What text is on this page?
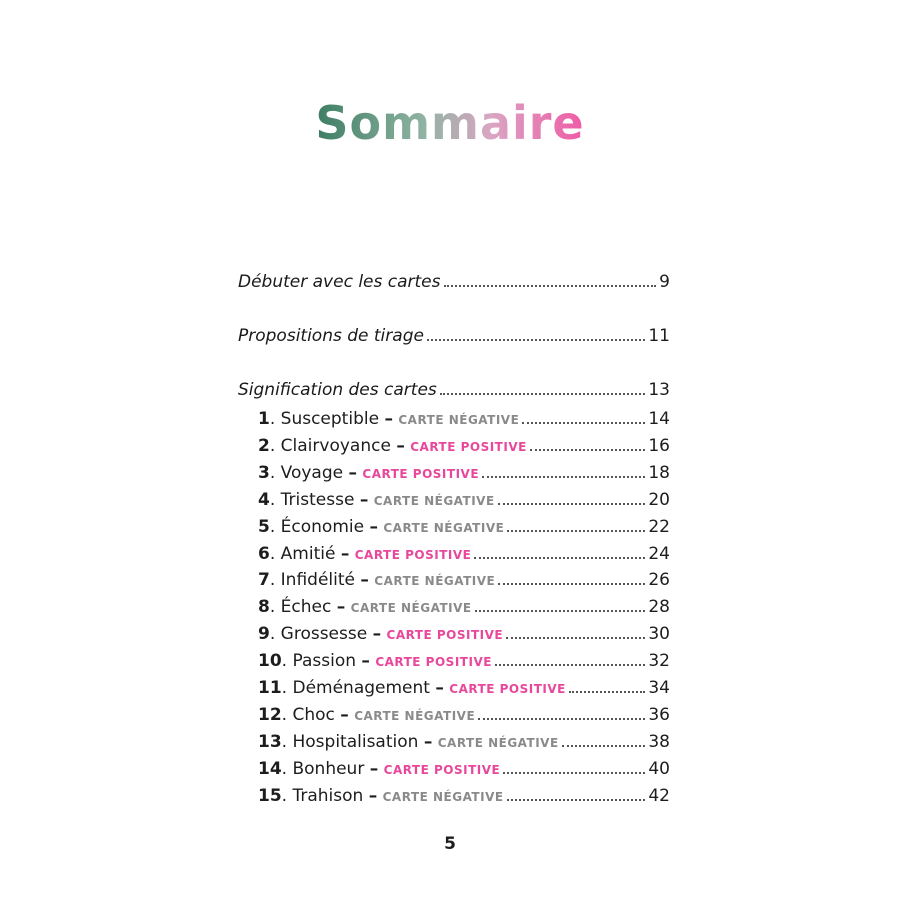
Sommaire
Débuter avec les cartes	9
Propositions de tirage	11
Signification des cartes	13
1. Susceptible – CARTE NÉGATIVE	14
2. Clairvoyance – CARTE POSITIVE	16
3. Voyage – CARTE POSITIVE	18
4. Tristesse – CARTE NÉGATIVE	20
5. Économie – CARTE NÉGATIVE	22
6. Amitié – CARTE POSITIVE	24
7. Infidélité – CARTE NÉGATIVE	26
8. Échec – CARTE NÉGATIVE	28
9. Grossesse – CARTE POSITIVE	30
10. Passion – CARTE POSITIVE	32
11. Déménagement – CARTE POSITIVE	34
12. Choc – CARTE NÉGATIVE	36
13. Hospitalisation – CARTE NÉGATIVE	38
14. Bonheur – CARTE POSITIVE	40
15. Trahison – CARTE NÉGATIVE	42
5
